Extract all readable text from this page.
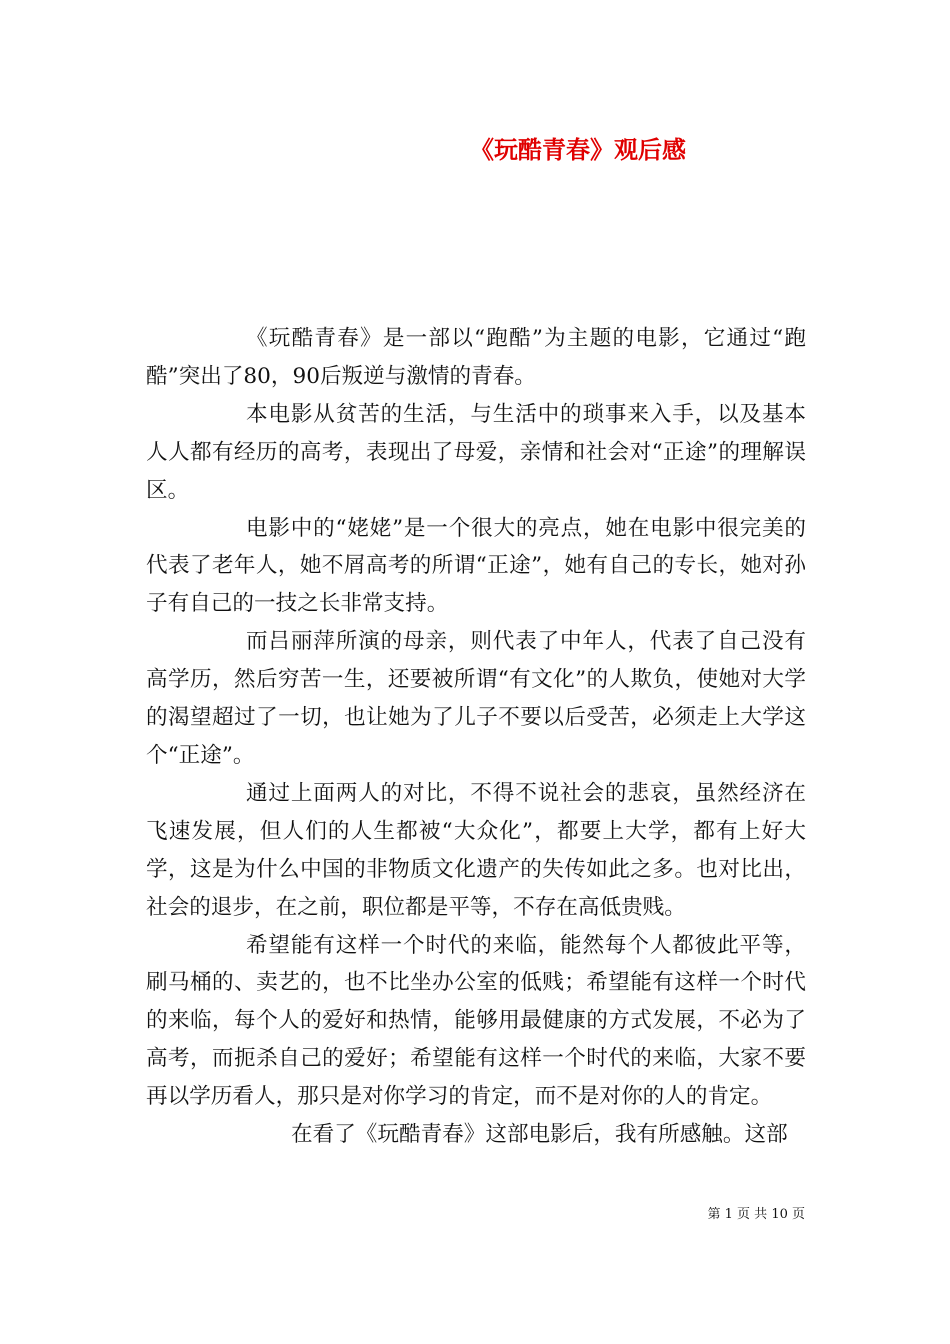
《玩酷青春》观后感

《玩酷青春》是一部以“跑酷”为主题的电影，它通过“跑酷”突出了80，90后叛逆与激情的青春。

本电影从贫苦的生活，与生活中的琐事来入手，以及基本人人都有经历的高考，表现出了母爱，亲情和社会对“正途”的理解误区。

电影中的“姥姥”是一个很大的亮点，她在电影中很完美的代表了老年人，她不屑高考的所谓“正途”，她有自己的专长，她对孙子有自己的一技之长非常支持。

而吕丽萍所演的母亲，则代表了中年人，代表了自己没有高学历，然后穷苦一生，还要被所谓“有文化”的人欺负，使她对大学的渴望超过了一切，也让她为了儿子不要以后受苦，必须走上大学这个“正途”。

通过上面两人的对比，不得不说社会的悲哀，虽然经济在飞速发展，但人们的人生都被“大众化”，都要上大学，都有上好大学，这是为什么中国的非物质文化遗产的失传如此之多。也对比出，社会的退步，在之前，职位都是平等，不存在高低贵贱。

希望能有这样一个时代的来临，能然每个人都彼此平等，刷马桶的、卖艺的，也不比坐办公室的低贱；希望能有这样一个时代的来临，每个人的爱好和热情，能够用最健康的方式发展，不必为了高考，而扼杀自己的爱好；希望能有这样一个时代的来临，大家不要再以学历看人，那只是对你学习的肯定，而不是对你的人的肯定。

在看了《玩酷青春》这部电影后，我有所感触。这部

第 1 页 共 10 页
